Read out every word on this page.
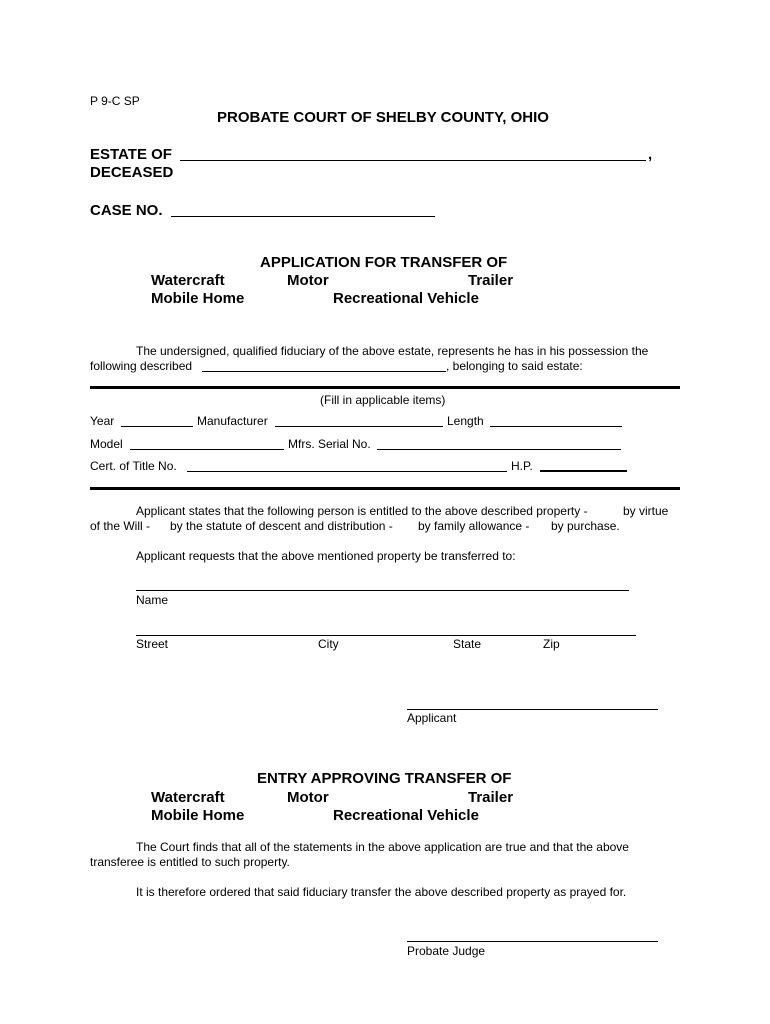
P 9-C SP
PROBATE COURT OF SHELBY COUNTY, OHIO
ESTATE OF	,
DECEASED
CASE NO.
APPLICATION FOR TRANSFER OF
Watercraft	Motor	Trailer
Mobile Home	Recreational Vehicle
The undersigned, qualified fiduciary of the above estate, represents he has in his possession the
following described	, belonging to said estate:
(Fill in applicable items)
Year	Manufacturer	Length
Model	Mfrs. Serial No.
Cert. of Title No.	H.P.
Applicant states that the following person is entitled to the above described property -	by virtue
of the Will - by the statute of descent and distribution - by family allowance - by purchase.
Applicant requests that the above mentioned property be transferred to:
Name
Street	City	State	Zip
Applicant
ENTRY APPROVING TRANSFER OF
Watercraft	Motor	Trailer
Mobile Home	Recreational Vehicle
The Court finds that all of the statements in the above application are true and that the above
transferee is entitled to such property.
It is therefore ordered that said fiduciary transfer the above described property as prayed for.
Probate Judge
